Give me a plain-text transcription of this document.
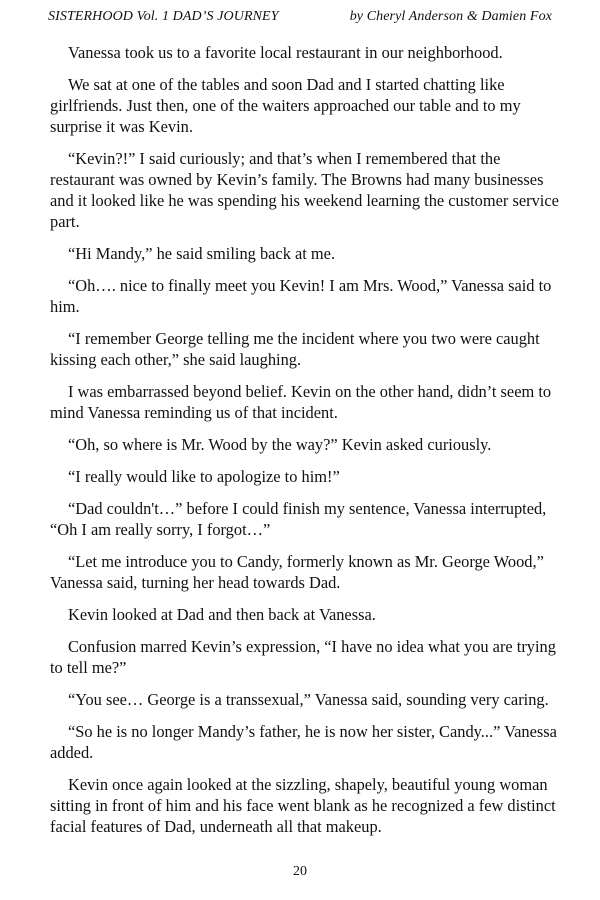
SISTERHOOD Vol. 1 DAD’S JOURNEY	by Cheryl Anderson & Damien Fox

Vanessa took us to a favorite local restaurant in our neighborhood.

We sat at one of the tables and soon Dad and I started chatting like girlfriends. Just then, one of the waiters approached our table and to my surprise it was Kevin.

“Kevin?!” I said curiously; and that’s when I remembered that the restaurant was owned by Kevin’s family. The Browns had many businesses and it looked like he was spending his weekend learning the customer service part.

“Hi Mandy,” he said smiling back at me.

“Oh…. nice to finally meet you Kevin! I am Mrs. Wood,” Vanessa said to him.

“I remember George telling me the incident where you two were caught kissing each other,” she said laughing.

I was embarrassed beyond belief. Kevin on the other hand, didn’t seem to mind Vanessa reminding us of that incident.

“Oh, so where is Mr. Wood by the way?” Kevin asked curiously.

“I really would like to apologize to him!”

“Dad couldn't…” before I could finish my sentence, Vanessa interrupted, “Oh I am really sorry, I forgot…”

“Let me introduce you to Candy, formerly known as Mr. George Wood,” Vanessa said, turning her head towards Dad.

Kevin looked at Dad and then back at Vanessa.

Confusion marred Kevin’s expression, “I have no idea what you are trying to tell me?”

“You see… George is a transsexual,” Vanessa said, sounding very caring.

“So he is no longer Mandy’s father, he is now her sister, Candy...” Vanessa added.

Kevin once again looked at the sizzling, shapely, beautiful young woman sitting in front of him and his face went blank as he recognized a few distinct facial features of Dad, underneath all that makeup.

20
